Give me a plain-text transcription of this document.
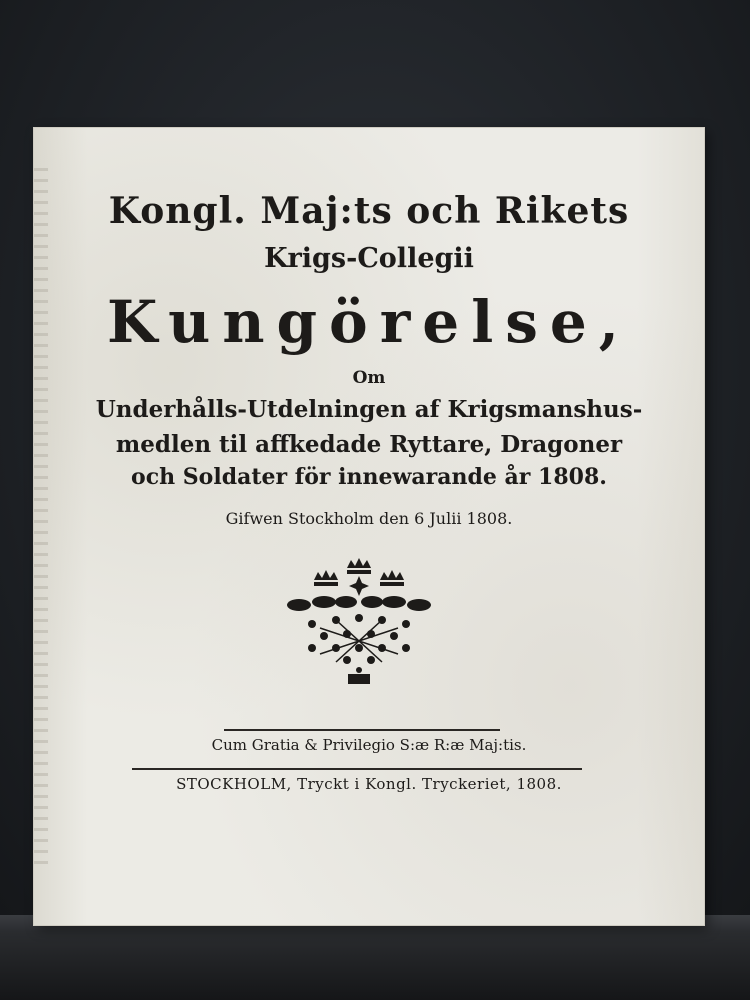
Kongl. Maj:ts och Rikets

Krigs-Collegii

Kungörelse,

Om

Underhålls-Utdelningen af Krigsmanshus-

medlen til affkedade Ryttare, Dragoner

och Soldater för innewarande år 1808.

Gifwen Stockholm den 6 Julii 1808.

Cum Gratia & Privilegio S:æ R:æ Maj:tis.

STOCKHOLM, Tryckt i Kongl. Tryckeriet, 1808.
